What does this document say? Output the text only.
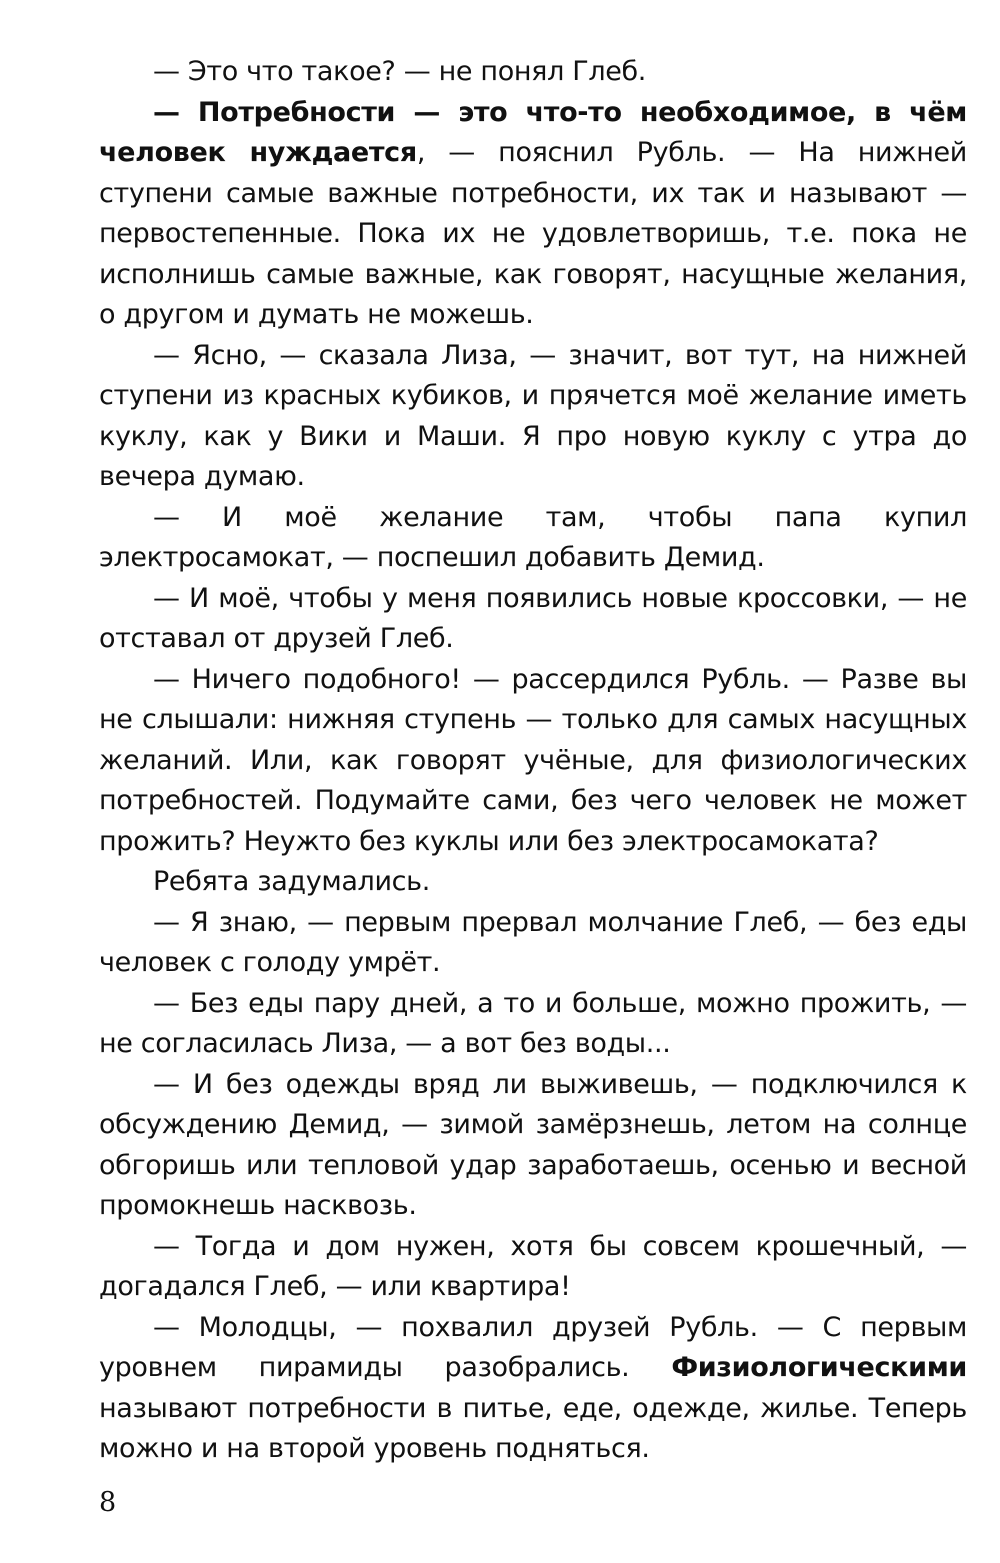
— Это что такое? — не понял Глеб.

— Потребности — это что-то необходимое, в чём человек нуждается, — пояснил Рубль. — На нижней ступени самые важные потребности, их так и называют — первостепенные. Пока их не удовлетворишь, т.е. пока не исполнишь самые важные, как говорят, насущные желания, о другом и думать не можешь.

— Ясно, — сказала Лиза, — значит, вот тут, на нижней ступени из красных кубиков, и прячется моё желание иметь куклу, как у Вики и Маши. Я про новую куклу с утра до вечера думаю.

— И моё желание там, чтобы папа купил электросамокат, — поспешил добавить Демид.

— И моё, чтобы у меня появились новые кроссовки, — не отставал от друзей Глеб.

— Ничего подобного! — рассердился Рубль. — Разве вы не слышали: нижняя ступень — только для самых насущных желаний. Или, как говорят учёные, для физиологических потребностей. Подумайте сами, без чего человек не может прожить? Неужто без куклы или без электросамоката?

Ребята задумались.

— Я знаю, — первым прервал молчание Глеб, — без еды человек с голоду умрёт.

— Без еды пару дней, а то и больше, можно прожить, — не согласилась Лиза, — а вот без воды...

— И без одежды вряд ли выживешь, — подключился к обсуждению Демид, — зимой замёрзнешь, летом на солнце обгоришь или тепловой удар заработаешь, осенью и весной промокнешь насквозь.

— Тогда и дом нужен, хотя бы совсем крошечный, — догадался Глеб, — или квартира!

— Молодцы, — похвалил друзей Рубль. — С первым уровнем пирамиды разобрались. Физиологическими называют потребности в питье, еде, одежде, жилье. Теперь можно и на второй уровень подняться.

8
